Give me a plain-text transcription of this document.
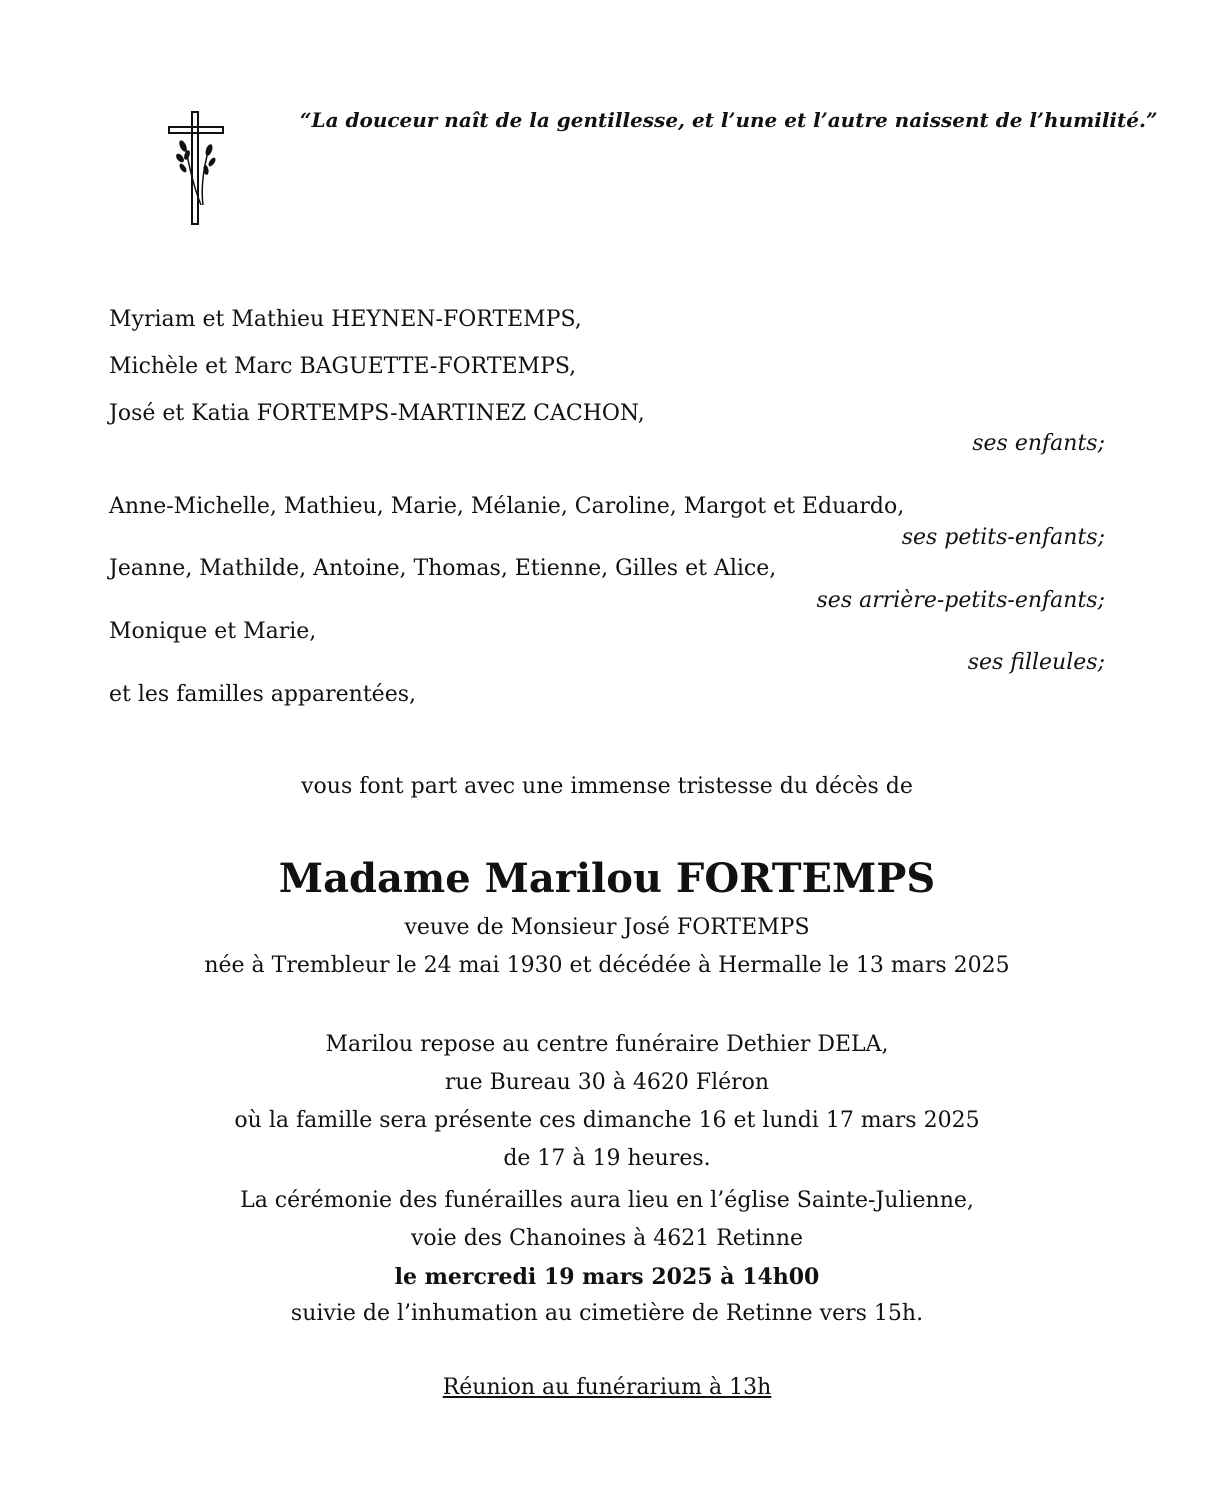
“La douceur naît de la gentillesse, et l’une et l’autre naissent de l’humilité.”
Myriam et Mathieu HEYNEN-FORTEMPS,
Michèle et Marc BAGUETTE-FORTEMPS,
José et Katia FORTEMPS-MARTINEZ CACHON,
ses enfants;
Anne-Michelle, Mathieu, Marie, Mélanie, Caroline, Margot et Eduardo,
ses petits-enfants;
Jeanne, Mathilde, Antoine, Thomas, Etienne, Gilles et Alice,
ses arrière-petits-enfants;
Monique et Marie,
ses filleules;
et les familles apparentées,
vous font part avec une immense tristesse du décès de
Madame Marilou FORTEMPS
veuve de Monsieur José FORTEMPS
née à Trembleur le 24 mai 1930 et décédée à Hermalle le 13 mars 2025
Marilou repose au centre funéraire Dethier DELA,
rue Bureau 30 à 4620 Fléron
où la famille sera présente ces dimanche 16 et lundi 17 mars 2025
de 17 à 19 heures.
La cérémonie des funérailles aura lieu en l’église Sainte-Julienne,
voie des Chanoines à 4621 Retinne
le mercredi 19 mars 2025 à 14h00
suivie de l’inhumation au cimetière de Retinne vers 15h.
Réunion au funérarium à 13h
